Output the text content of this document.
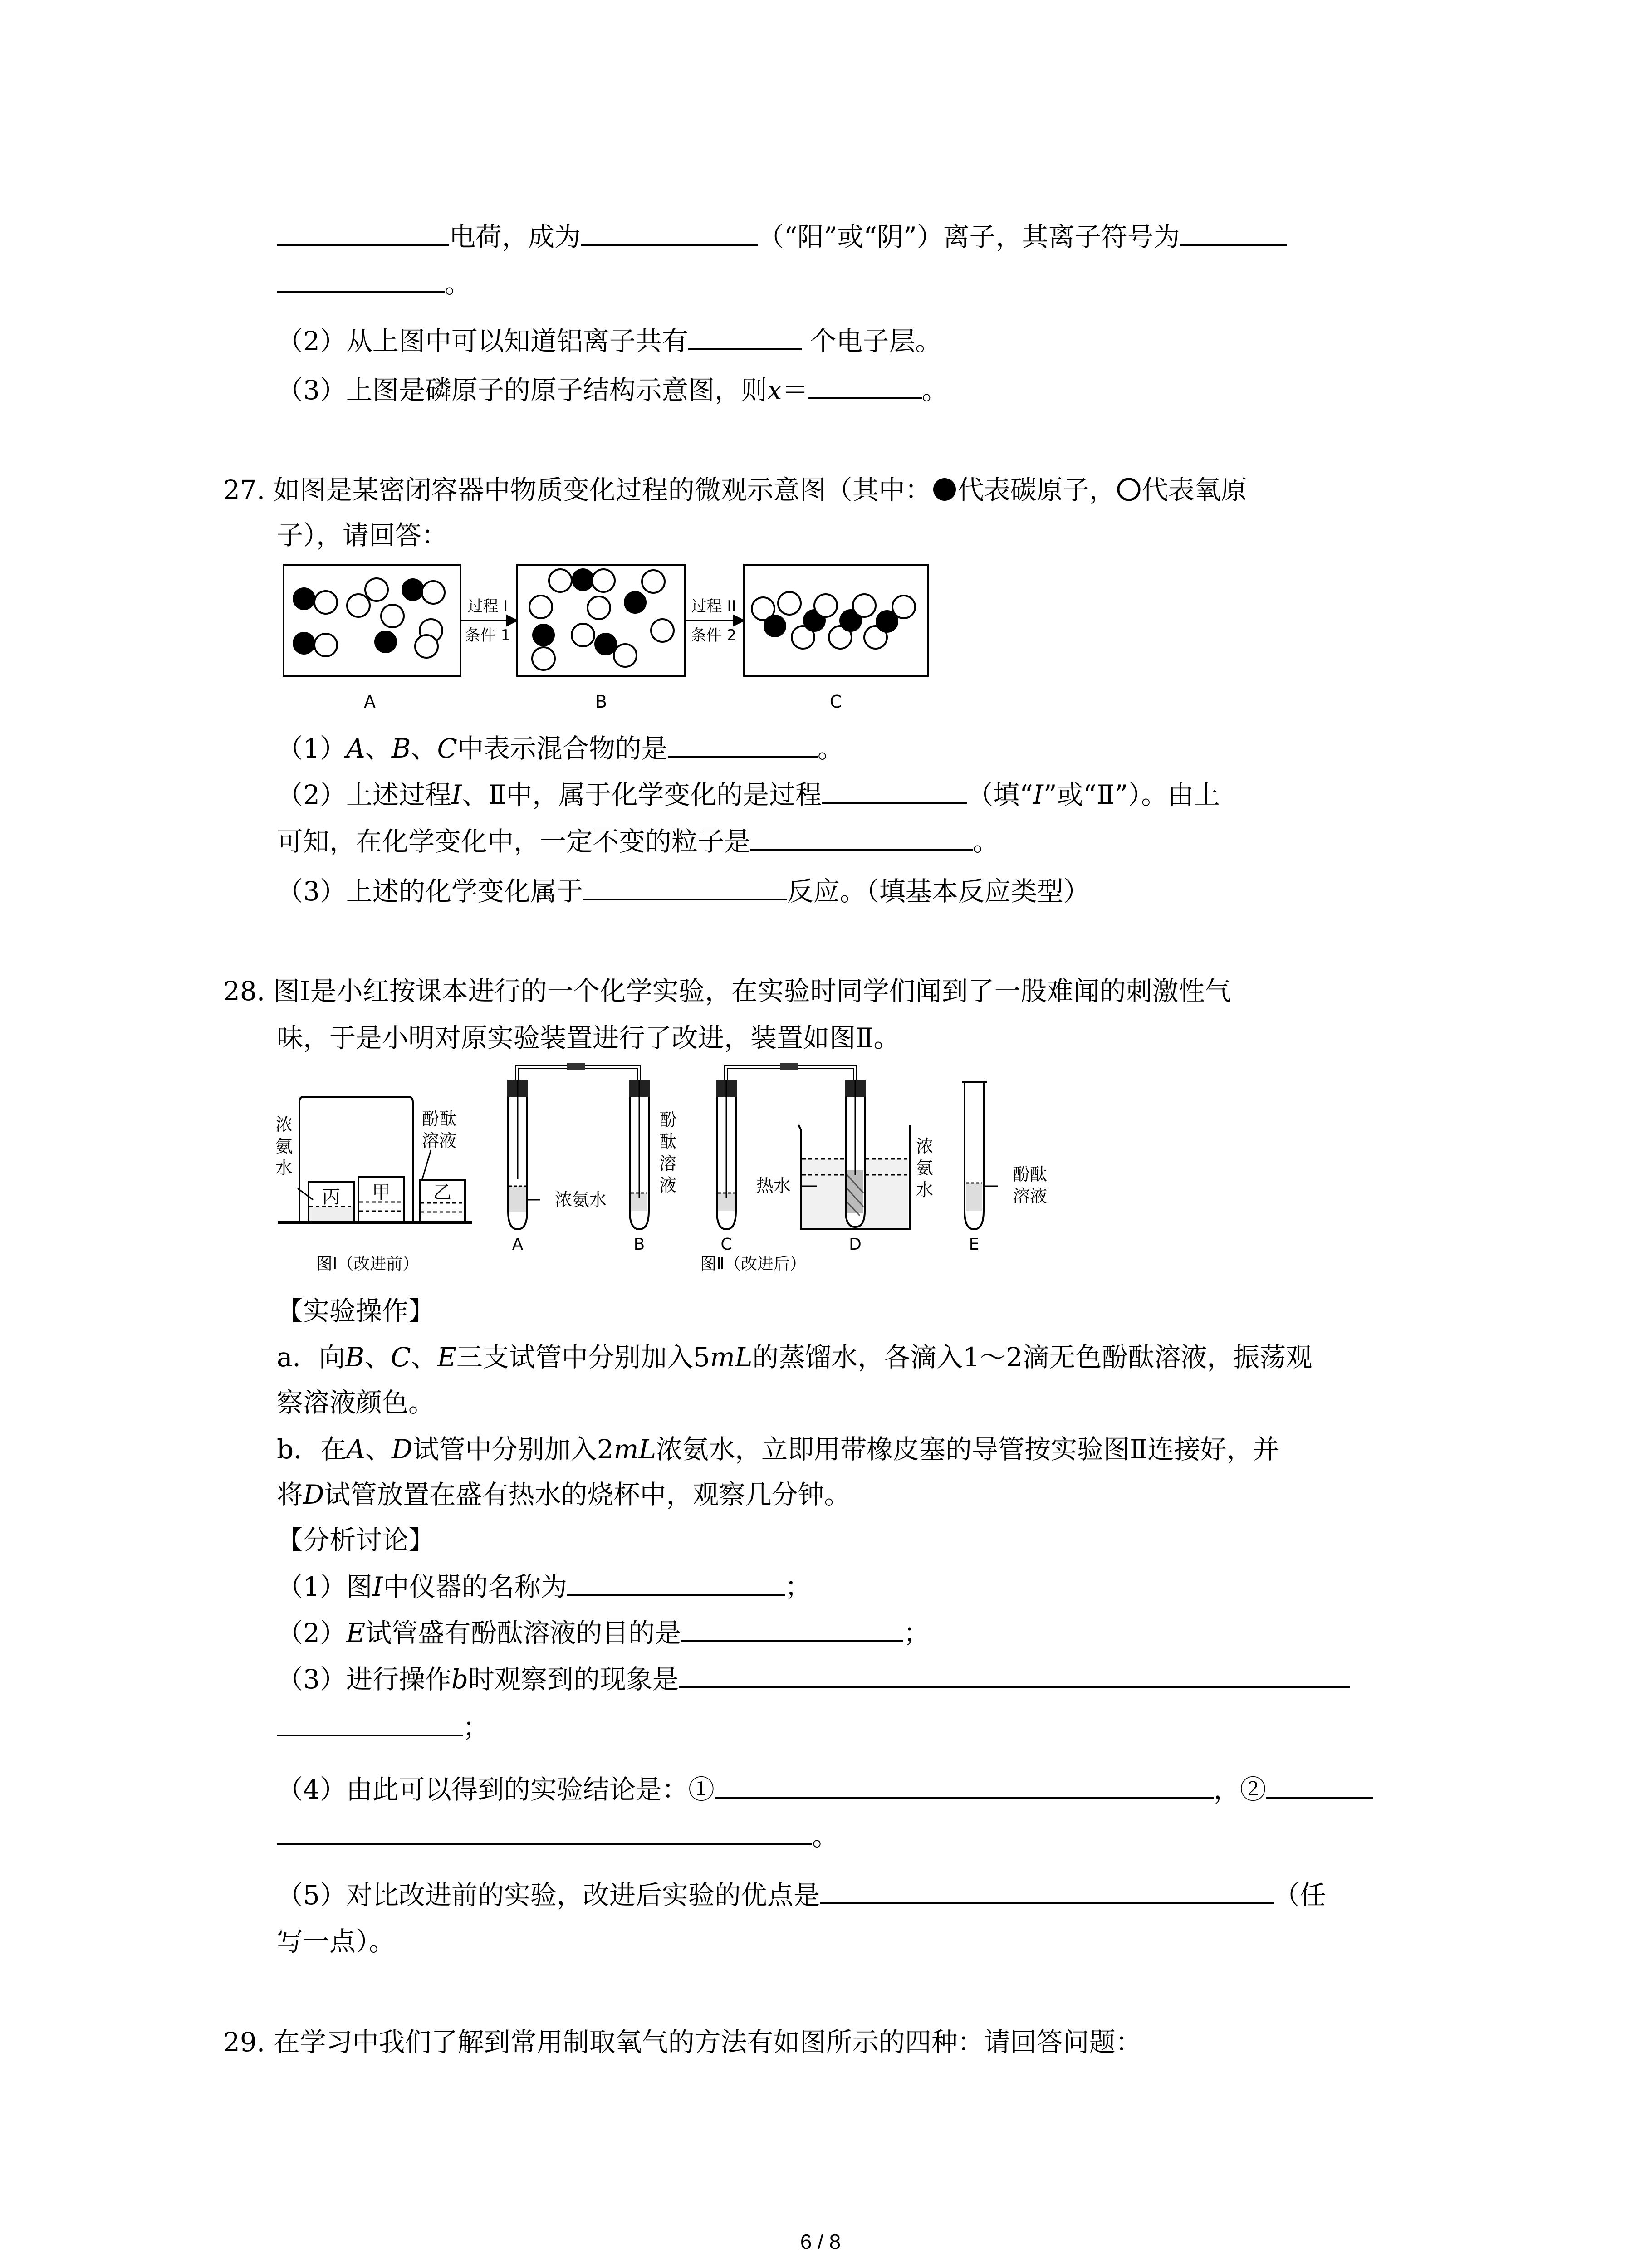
电荷，成为	（“阳”或“阴”）离子，其离子符号为
。
（2）从上图中可以知道铝离子共有	个电子层。
（3）上图是磷原子的原子结构示意图，则x＝	。
27. 如图是某密闭容器中物质变化过程的微观示意图（其中： 代表碳原子， 代表氧原
子），请回答：
A
过程 I
条件 1
B
过程 II
条件 2
C
（1）A、B、C中表示混合物的是	。
（2）上述过程I、Ⅱ中，属于化学变化的是过程	（填“I”或“Ⅱ”）。由上
可知，在化学变化中，一定不变的粒子是	。
（3）上述的化学变化属于	反应。（填基本反应类型）
28. 图Ⅰ是小红按课本进行的一个化学实验，在实验时同学们闻到了一股难闻的刺激性气
味，于是小明对原实验装置进行了改进，装置如图Ⅱ。
丙 甲 乙
浓
氨
水
酚酞
溶液
图Ⅰ（改进前）
浓氨水
酚
酞
溶
液	热水
浓
氨
水
酚酞
溶液
A	B	C	D	E
图Ⅱ（改进后）
【实验操作】
a．向B、C、E三支试管中分别加入5mL的蒸馏水，各滴入1～2滴无色酚酞溶液，振荡观
察溶液颜色。
b．在A、D试管中分别加入2mL浓氨水，立即用带橡皮塞的导管按实验图Ⅱ连接好，并
将D试管放置在盛有热水的烧杯中，观察几分钟。
【分析讨论】
（1）图I中仪器的名称为	；
（2）E试管盛有酚酞溶液的目的是	；
（3）进行操作b时观察到的现象是
；
（4）由此可以得到的实验结论是：①	，②
。
（5）对比改进前的实验，改进后实验的优点是	（任
写一点）。
29. 在学习中我们了解到常用制取氧气的方法有如图所示的四种：请回答问题：
6 / 8
